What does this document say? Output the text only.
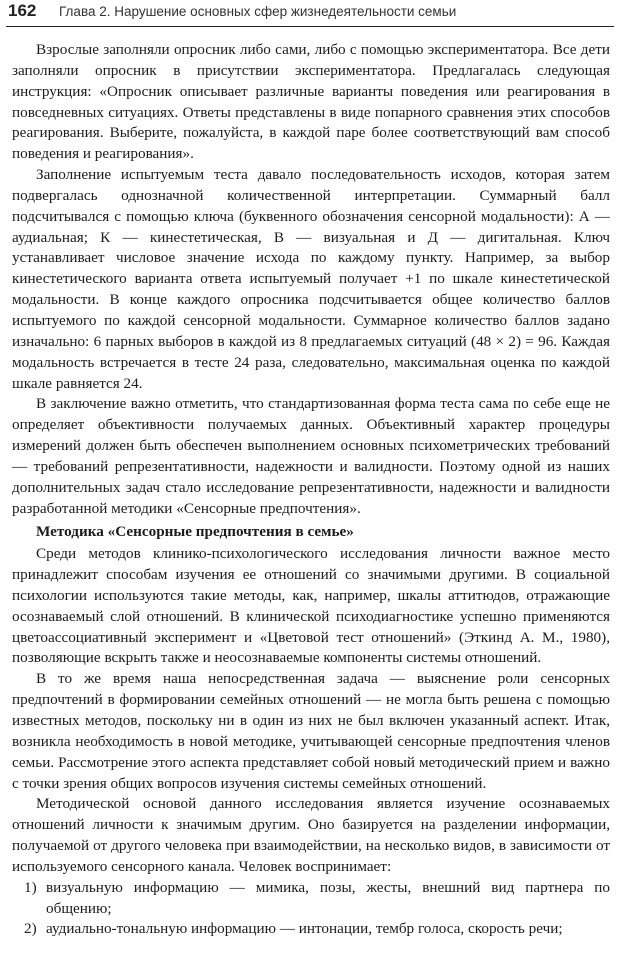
162 Глава 2. Нарушение основных сфер жизнедеятельности семьи

Взрослые заполняли опросник либо сами, либо с помощью экспериментатора. Все дети заполняли опросник в присутствии экспериментатора. Предлагалась следующая инструкция: «Опросник описывает различные варианты поведения или реагирования в повседневных ситуациях. Ответы представлены в виде попарного сравнения этих способов реагирования. Выберите, пожалуйста, в каждой паре более соответствующий вам способ поведения и реагирования».

Заполнение испытуемым теста давало последовательность исходов, которая затем подвергалась однозначной количественной интерпретации. Суммарный балл подсчитывался с помощью ключа (буквенного обозначения сенсорной модальности): А — аудиальная; К — кинестетическая, В — визуальная и Д — дигитальная. Ключ устанавливает числовое значение исхода по каждому пункту. Например, за выбор кинестетического варианта ответа испытуемый получает +1 по шкале кинестетической модальности. В конце каждого опросника подсчитывается общее количество баллов испытуемого по каждой сенсорной модальности. Суммарное количество баллов задано изначально: 6 парных выборов в каждой из 8 предлагаемых ситуаций (48 × 2) = 96. Каждая модальность встречается в тесте 24 раза, следовательно, максимальная оценка по каждой шкале равняется 24.

В заключение важно отметить, что стандартизованная форма теста сама по себе еще не определяет объективности получаемых данных. Объективный характер процедуры измерений должен быть обеспечен выполнением основных психометрических требований — требований репрезентативности, надежности и валидности. Поэтому одной из наших дополнительных задач стало исследование репрезентативности, надежности и валидности разработанной методики «Сенсорные предпочтения».

Методика «Сенсорные предпочтения в семье»

Среди методов клинико-психологического исследования личности важное место принадлежит способам изучения ее отношений со значимыми другими. В социальной психологии используются такие методы, как, например, шкалы аттитюдов, отражающие осознаваемый слой отношений. В клинической психодиагностике успешно применяются цветоассоциативный эксперимент и «Цветовой тест отношений» (Эткинд А. М., 1980), позволяющие вскрыть также и неосознаваемые компоненты системы отношений.

В то же время наша непосредственная задача — выяснение роли сенсорных предпочтений в формировании семейных отношений — не могла быть решена с помощью известных методов, поскольку ни в один из них не был включен указанный аспект. Итак, возникла необходимость в новой методике, учитывающей сенсорные предпочтения членов семьи. Рассмотрение этого аспекта представляет собой новый методический прием и важно с точки зрения общих вопросов изучения системы семейных отношений.

Методической основой данного исследования является изучение осознаваемых отношений личности к значимым другим. Оно базируется на разделении информации, получаемой от другого человека при взаимодействии, на несколько видов, в зависимости от используемого сенсорного канала. Человек воспринимает:

1) визуальную информацию — мимика, позы, жесты, внешний вид партнера по общению;
2) аудиально-тональную информацию — интонации, тембр голоса, скорость речи;
